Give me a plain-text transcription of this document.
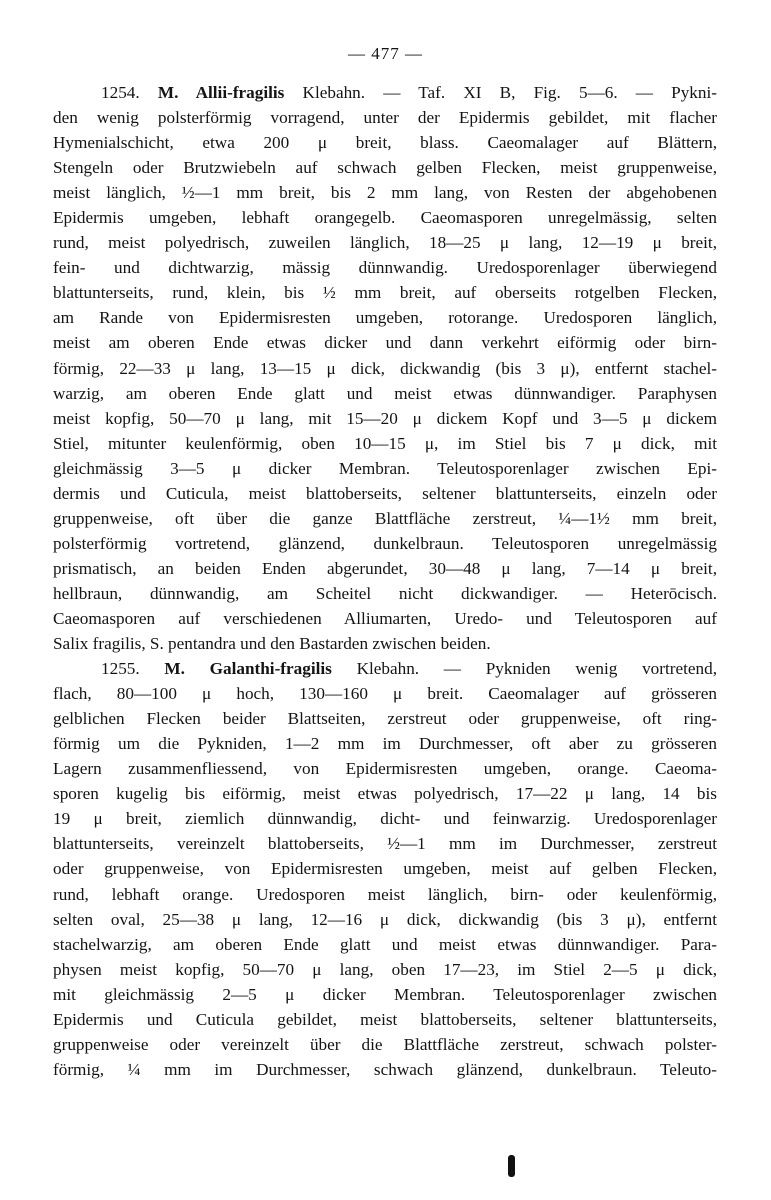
— 477 —
1254. M. Allii-fragilis Klebahn. — Taf. XI B, Fig. 5—6. — Pykni-
den wenig polsterförmig vorragend, unter der Epidermis gebildet, mit flacher
Hymenialschicht, etwa 200 μ breit, blass. Caeomalager auf Blättern,
Stengeln oder Brutzwiebeln auf schwach gelben Flecken, meist gruppenweise,
meist länglich, ½—1 mm breit, bis 2 mm lang, von Resten der abgehobenen
Epidermis umgeben, lebhaft orangegelb. Caeomasporen unregelmässig, selten
rund, meist polyedrisch, zuweilen länglich, 18—25 μ lang, 12—19 μ breit,
fein- und dichtwarzig, mässig dünnwandig. Uredosporenlager überwiegend
blattunterseits, rund, klein, bis ½ mm breit, auf oberseits rotgelben Flecken,
am Rande von Epidermisresten umgeben, rotorange. Uredosporen länglich,
meist am oberen Ende etwas dicker und dann verkehrt eiförmig oder birn-
förmig, 22—33 μ lang, 13—15 μ dick, dickwandig (bis 3 μ), entfernt stachel-
warzig, am oberen Ende glatt und meist etwas dünnwandiger. Paraphysen
meist kopfig, 50—70 μ lang, mit 15—20 μ dickem Kopf und 3—5 μ dickem
Stiel, mitunter keulenförmig, oben 10—15 μ, im Stiel bis 7 μ dick, mit
gleichmässig 3—5 μ dicker Membran. Teleutosporenlager zwischen Epi-
dermis und Cuticula, meist blattoberseits, seltener blattunterseits, einzeln oder
gruppenweise, oft über die ganze Blattfläche zerstreut, ¼—1½ mm breit,
polsterförmig vortretend, glänzend, dunkelbraun. Teleutosporen unregelmässig
prismatisch, an beiden Enden abgerundet, 30—48 μ lang, 7—14 μ breit,
hellbraun, dünnwandig, am Scheitel nicht dickwandiger. — Heterōcisch.
Caeomasporen auf verschiedenen Alliumarten, Uredo- und Teleutosporen auf
Salix fragilis, S. pentandra und den Bastarden zwischen beiden.
1255. M. Galanthi-fragilis Klebahn. — Pykniden wenig vortretend,
flach, 80—100 μ hoch, 130—160 μ breit. Caeomalager auf grösseren
gelblichen Flecken beider Blattseiten, zerstreut oder gruppenweise, oft ring-
förmig um die Pykniden, 1—2 mm im Durchmesser, oft aber zu grösseren
Lagern zusammenfliessend, von Epidermisresten umgeben, orange. Caeoma-
sporen kugelig bis eiförmig, meist etwas polyedrisch, 17—22 μ lang, 14 bis
19 μ breit, ziemlich dünnwandig, dicht- und feinwarzig. Uredosporenlager
blattunterseits, vereinzelt blattoberseits, ½—1 mm im Durchmesser, zerstreut
oder gruppenweise, von Epidermisresten umgeben, meist auf gelben Flecken,
rund, lebhaft orange. Uredosporen meist länglich, birn- oder keulenförmig,
selten oval, 25—38 μ lang, 12—16 μ dick, dickwandig (bis 3 μ), entfernt
stachelwarzig, am oberen Ende glatt und meist etwas dünnwandiger. Para-
physen meist kopfig, 50—70 μ lang, oben 17—23, im Stiel 2—5 μ dick,
mit gleichmässig 2—5 μ dicker Membran. Teleutosporenlager zwischen
Epidermis und Cuticula gebildet, meist blattoberseits, seltener blattunterseits,
gruppenweise oder vereinzelt über die Blattfläche zerstreut, schwach polster-
förmig, ¼ mm im Durchmesser, schwach glänzend, dunkelbraun. Teleuto-
